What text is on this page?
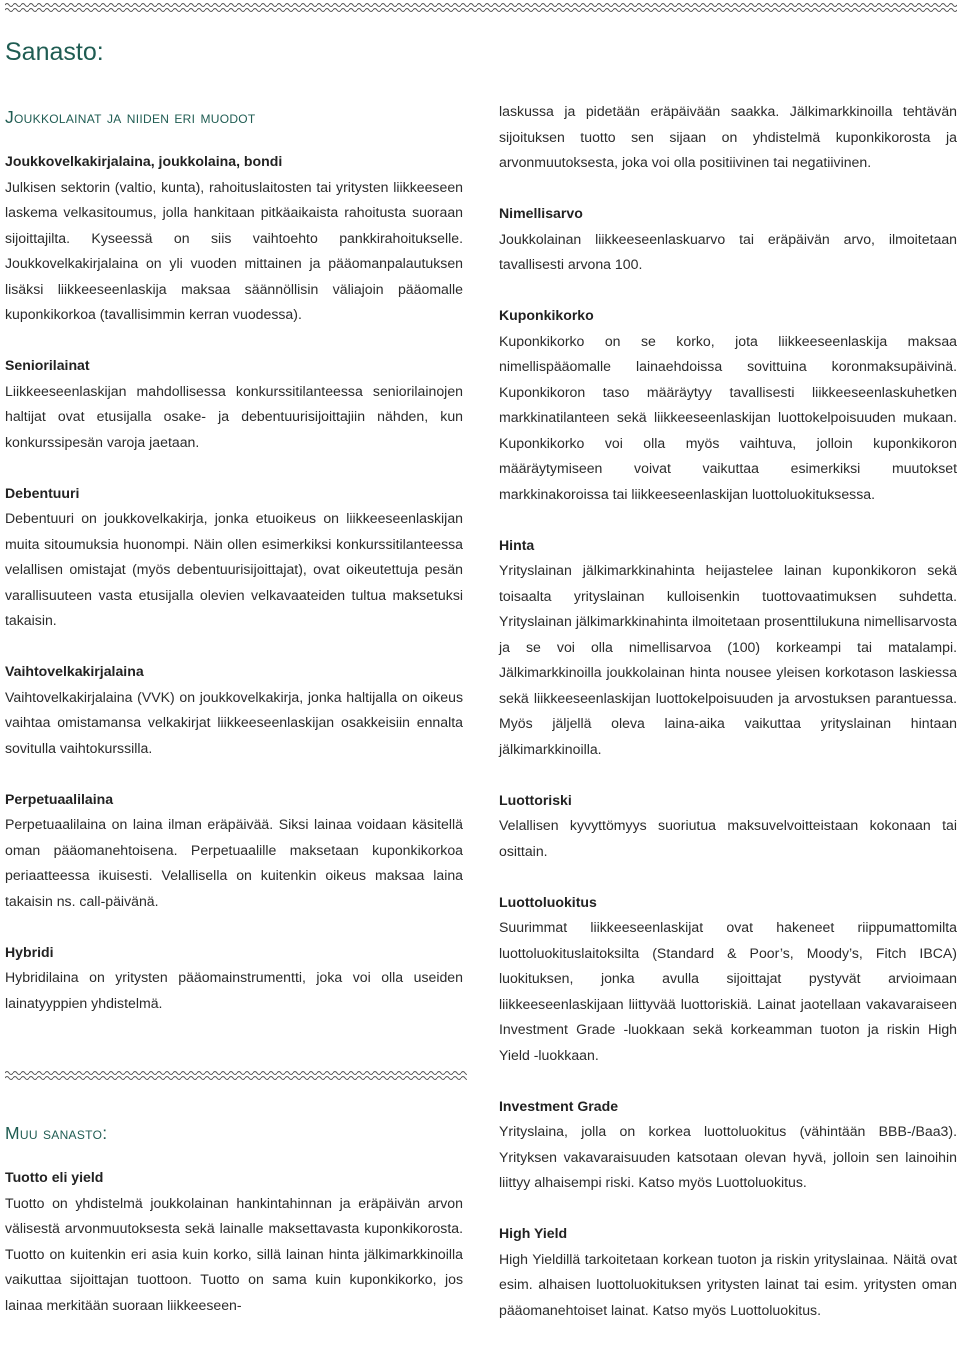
Sanasto:
Joukkolainat ja niiden eri muodot

Joukkovelkakirjalaina, joukkolaina, bondi

Julkisen sektorin (valtio, kunta), rahoituslaitosten tai yritysten liikkeeseen laskema velkasitoumus, jolla hankitaan pitkäaikaista rahoitusta suoraan sijoittajilta. Kyseessä on siis vaihtoehto pankkirahoitukselle. Joukkovelkakirjalaina on yli vuoden mittainen ja pääomanpalautuksen lisäksi liikkeeseenlaskija maksaa säännöllisin väliajoin pääomalle kuponkikorkoa (tavallisimmin kerran vuodessa).

Seniorilainat

Liikkeeseenlaskijan mahdollisessa konkurssitilanteessa seniorilainojen haltijat ovat etusijalla osake- ja debentuurisijoittajiin nähden, kun konkurssipesän varoja jaetaan.

Debentuuri

Debentuuri on joukkovelkakirja, jonka etuoikeus on liikkeeseenlaskijan muita sitoumuksia huonompi. Näin ollen esimerkiksi konkurssitilanteessa velallisen omistajat (myös debentuurisijoittajat), ovat oikeutettuja pesän varallisuuteen vasta etusijalla olevien velkavaateiden tultua maksetuksi takaisin.

Vaihtovelkakirjalaina

Vaihtovelkakirjalaina (VVK) on joukkovelkakirja, jonka haltijalla on oikeus vaihtaa omistamansa velkakirjat liikkeeseenlaskijan osakkeisiin ennalta sovitulla vaihtokurssilla.

Perpetuaalilaina

Perpetuaalilaina on laina ilman eräpäivää. Siksi lainaa voidaan käsitellä oman pääomanehtoisena. Perpetuaalille maksetaan kuponkikorkoa periaatteessa ikuisesti. Velallisella on kuitenkin oikeus maksaa laina takaisin ns. call-päivänä.

Hybridi

Hybridilaina on yritysten pääomainstrumentti, joka voi olla useiden lainatyyppien yhdistelmä.

Muu sanasto:

Tuotto eli yield

Tuotto on yhdistelmä joukkolainan hankintahinnan ja eräpäivän arvon välisestä arvonmuutoksesta sekä lainalle maksettavasta kuponkikorosta. Tuotto on kuitenkin eri asia kuin korko, sillä lainan hinta jälkimarkkinoilla vaikuttaa sijoittajan tuottoon. Tuotto on sama kuin kuponkikorko, jos lainaa merkitään suoraan liikkeeseen-

laskussa ja pidetään eräpäivään saakka. Jälkimarkkinoilla tehtävän sijoituksen tuotto sen sijaan on yhdistelmä kuponkikorosta ja arvonmuutoksesta, joka voi olla positiivinen tai negatiivinen.

Nimellisarvo

Joukkolainan liikkeeseenlaskuarvo tai eräpäivän arvo, ilmoitetaan tavallisesti arvona 100.

Kuponkikorko

Kuponkikorko on se korko, jota liikkeeseenlaskija maksaa nimellispääomalle lainaehdoissa sovittuina koronmaksupäivinä. Kuponkikoron taso määräytyy tavallisesti liikkeeseenlaskuhetken markkinatilanteen sekä liikkeeseenlaskijan luottokelpoisuuden mukaan. Kuponkikorko voi olla myös vaihtuva, jolloin kuponkikoron määräytymiseen voivat vaikuttaa esimerkiksi muutokset markkinakoroissa tai liikkeeseenlaskijan luottoluokituksessa.

Hinta

Yrityslainan jälkimarkkinahinta heijastelee lainan kuponkikoron sekä toisaalta yrityslainan kulloisenkin tuottovaatimuksen suhdetta. Yrityslainan jälkimarkkinahinta ilmoitetaan prosenttilukuna nimellisarvosta ja se voi olla nimellisarvoa (100) korkeampi tai matalampi. Jälkimarkkinoilla joukkolainan hinta nousee yleisen korkotason laskiessa sekä liikkeeseenlaskijan luottokelpoisuuden ja arvostuksen parantuessa. Myös jäljellä oleva laina-aika vaikuttaa yrityslainan hintaan jälkimarkkinoilla.

Luottoriski

Velallisen kyvyttömyys suoriutua maksuvelvoitteistaan kokonaan tai osittain.

Luottoluokitus

Suurimmat liikkeeseenlaskijat ovat hakeneet riippumattomilta luottoluokituslaitoksilta (Standard & Poor’s, Moody’s, Fitch IBCA) luokituksen, jonka avulla sijoittajat pystyvät arvioimaan liikkeeseenlaskijaan liittyvää luottoriskiä. Lainat jaotellaan vakavaraiseen Investment Grade -luokkaan sekä korkeamman tuoton ja riskin High Yield -luokkaan.

Investment Grade

Yrityslaina, jolla on korkea luottoluokitus (vähintään BBB-/Baa3). Yrityksen vakavaraisuuden katsotaan olevan hyvä, jolloin sen lainoihin liittyy alhaisempi riski. Katso myös Luottoluokitus.

High Yield

High Yieldillä tarkoitetaan korkean tuoton ja riskin yrityslainaa. Näitä ovat esim. alhaisen luottoluokituksen yritysten lainat tai esim. yritysten oman pääomanehtoiset lainat. Katso myös Luottoluokitus.
